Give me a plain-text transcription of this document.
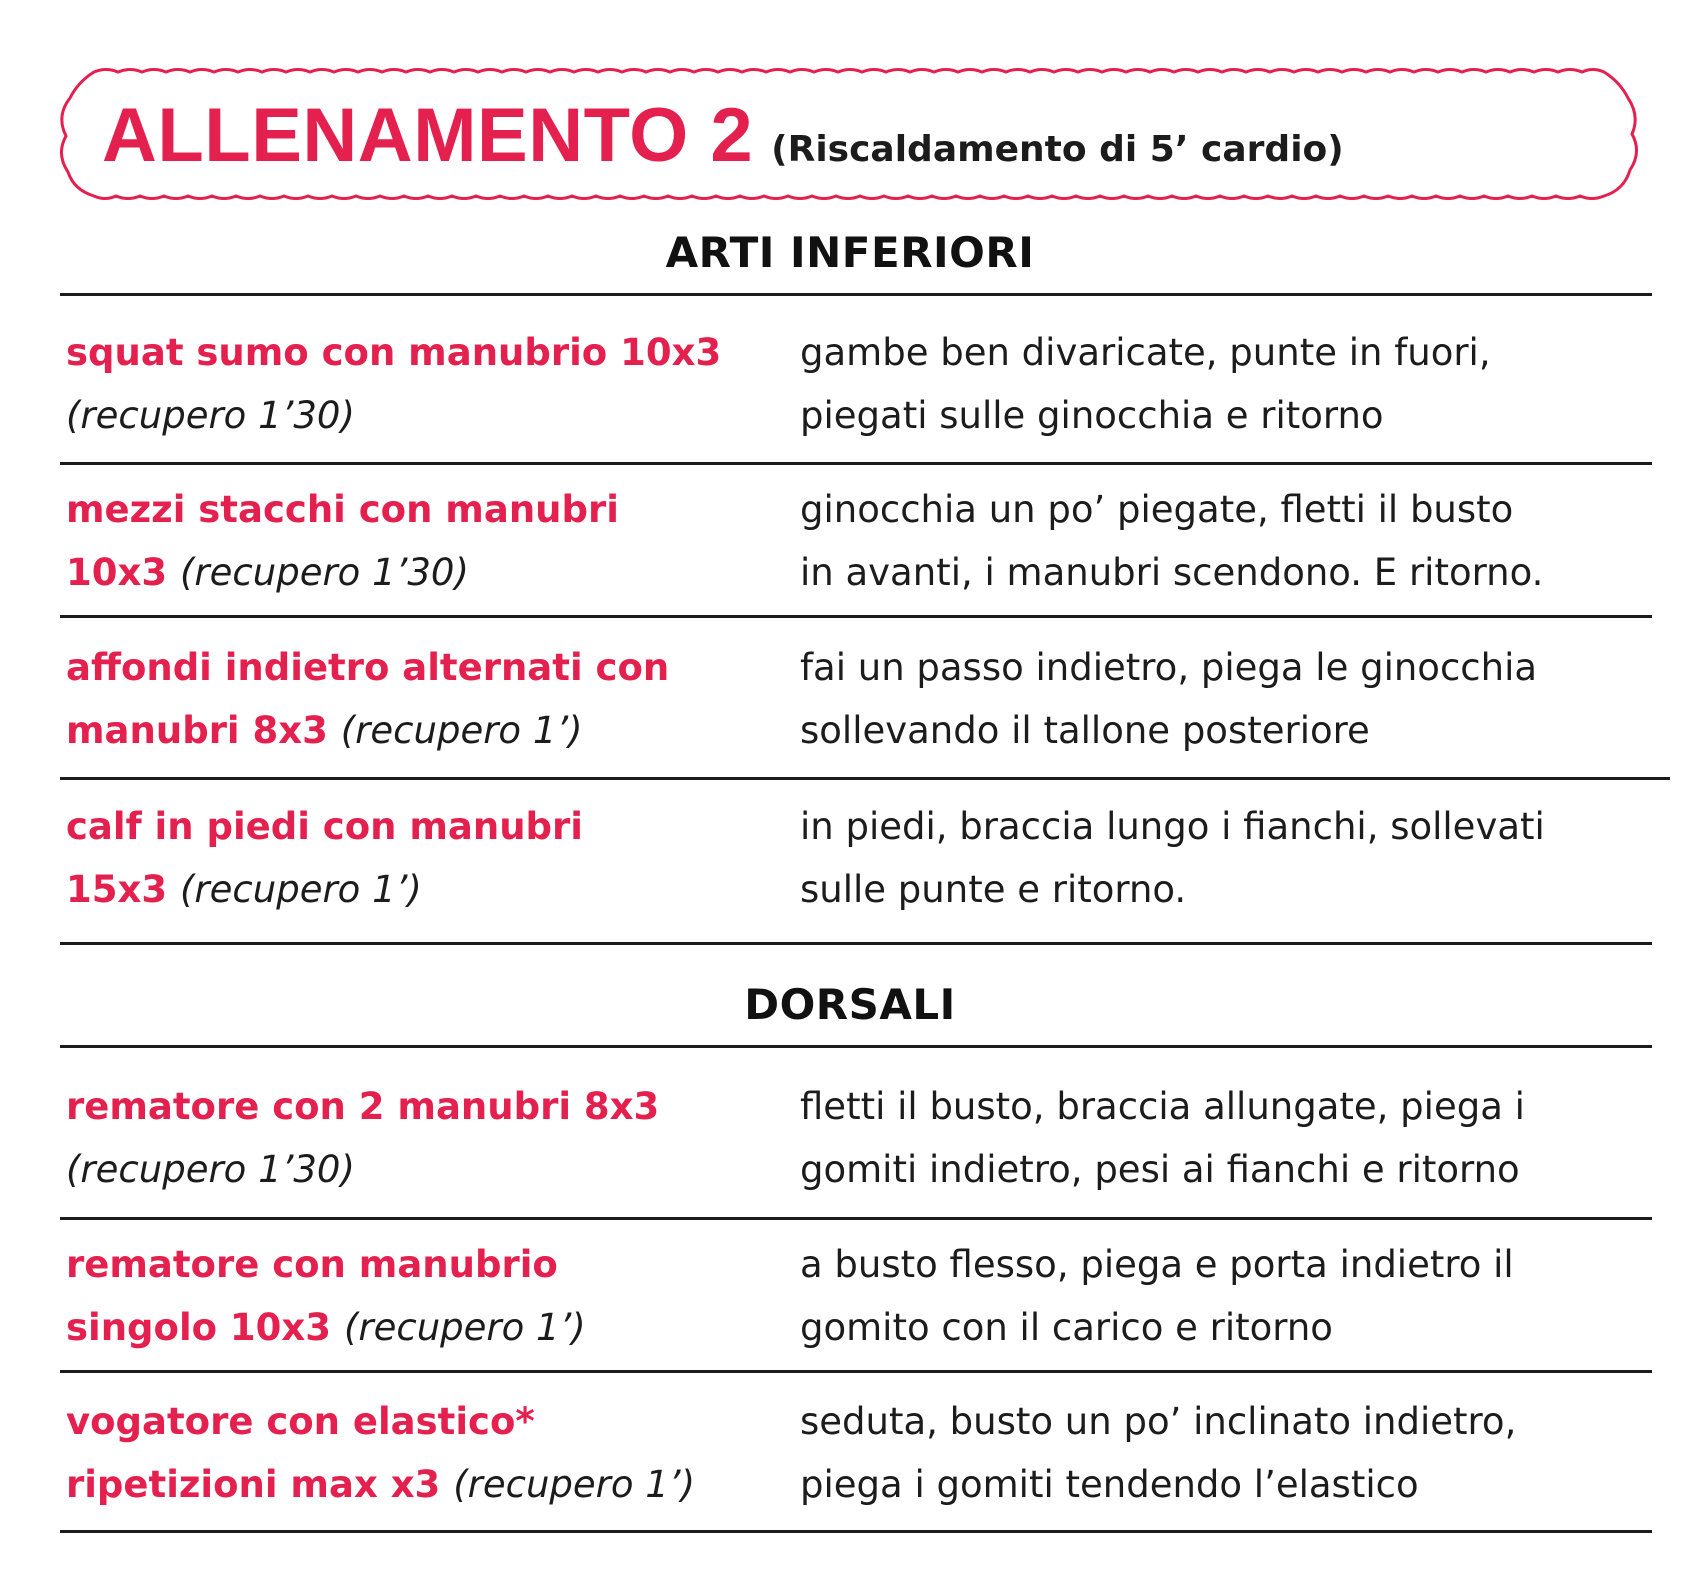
ALLENAMENTO 2 (Riscaldamento di 5’ cardio)
ARTI INFERIORI
squat sumo con manubrio 10x3
(recupero 1’30)
gambe ben divaricate, punte in fuori,
piegati sulle ginocchia e ritorno
mezzi stacchi con manubri
10x3 (recupero 1’30)
ginocchia un po’ piegate, fletti il busto
in avanti, i manubri scendono. E ritorno.
affondi indietro alternati con
manubri 8x3 (recupero 1’)
fai un passo indietro, piega le ginocchia
sollevando il tallone posteriore
calf in piedi con manubri
15x3 (recupero 1’)
in piedi, braccia lungo i fianchi, sollevati
sulle punte e ritorno.
DORSALI
rematore con 2 manubri 8x3
(recupero 1’30)
fletti il busto, braccia allungate, piega i
gomiti indietro, pesi ai fianchi e ritorno
rematore con manubrio
singolo 10x3 (recupero 1’)
a busto flesso, piega e porta indietro il
gomito con il carico e ritorno
vogatore con elastico*
ripetizioni max x3 (recupero 1’)
seduta, busto un po’ inclinato indietro,
piega i gomiti tendendo l’elastico
